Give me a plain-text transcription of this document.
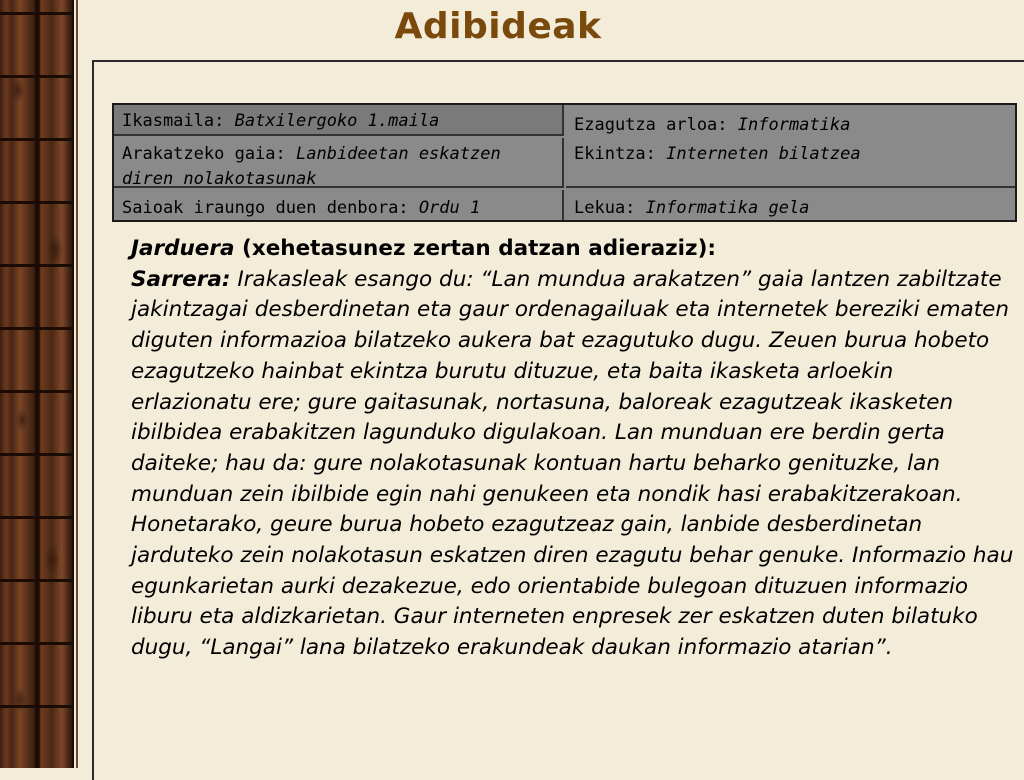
Adibideak
Ikasmaila: Batxilergoko 1.maila	Ezagutza arloa: Informatika
Arakatzeko gaia: Lanbideetan eskatzen diren nolakotasunak
Ekintza: Interneten bilatzea
Saioak iraungo duen denbora: Ordu 1	Lekua: Informatika gela
Jarduera (xehetasunez zertan datzan adieraziz):
Sarrera: Irakasleak esango du: “Lan mundua arakatzen” gaia lantzen zabiltzate jakintzagai desberdinetan eta gaur ordenagailuak eta internetek bereziki ematen diguten informazioa bilatzeko aukera bat ezagutuko dugu. Zeuen burua hobeto ezagutzeko hainbat ekintza burutu dituzue, eta baita ikasketa arloekin erlazionatu ere; gure gaitasunak, nortasuna, baloreak ezagutzeak ikasketen ibilbidea erabakitzen lagunduko digulakoan. Lan munduan ere berdin gerta daiteke; hau da: gure nolakotasunak kontuan hartu beharko genituzke, lan munduan zein ibilbide egin nahi genukeen eta nondik hasi erabakitzerakoan. Honetarako, geure burua hobeto ezagutzeaz gain, lanbide desberdinetan jarduteko zein nolakotasun eskatzen diren ezagutu behar genuke. Informazio hau egunkarietan aurki dezakezue, edo orientabide bulegoan dituzuen informazio liburu eta aldizkarietan. Gaur interneten enpresek zer eskatzen duten bilatuko dugu, “Langai” lana bilatzeko erakundeak daukan informazio atarian”.
